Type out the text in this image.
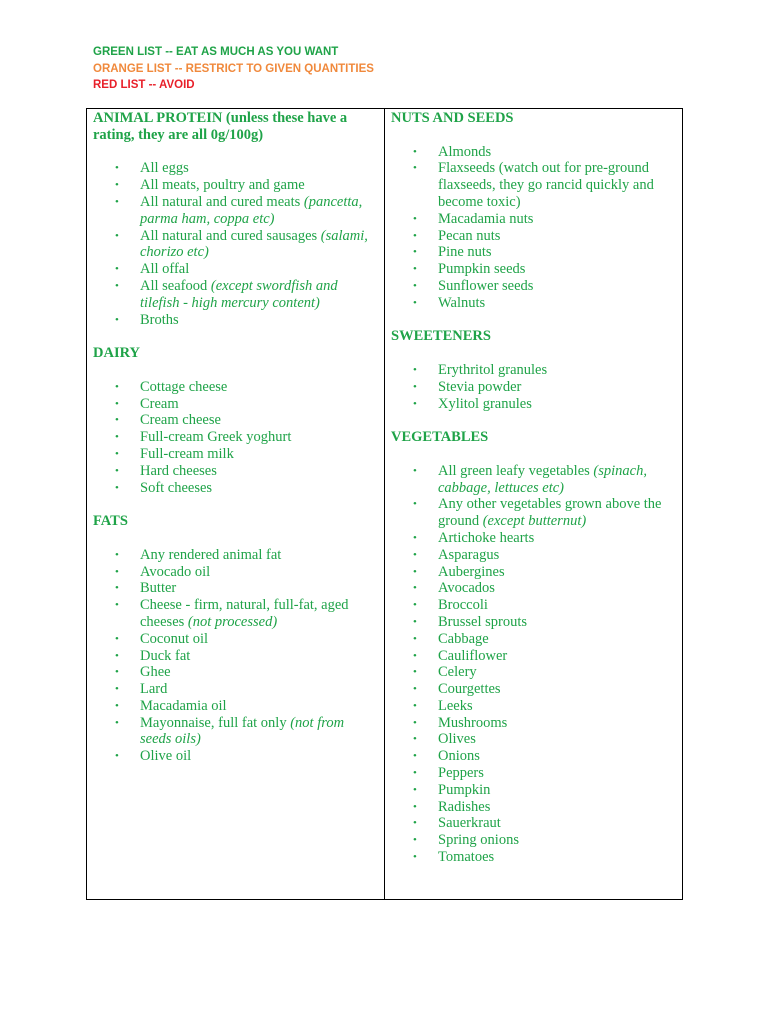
GREEN LIST -- EAT AS MUCH AS YOU WANT
ORANGE LIST -- RESTRICT TO GIVEN QUANTITIES
RED LIST -- AVOID
ANIMAL PROTEIN (unless these have a rating, they are all 0g/100g)
• All eggs
• All meats, poultry and game
• All natural and cured meats (pancetta, parma ham, coppa etc)
• All natural and cured sausages (salami, chorizo etc)
• All offal
• All seafood (except swordfish and tilefish - high mercury content)
• Broths
DAIRY
• Cottage cheese
• Cream
• Cream cheese
• Full-cream Greek yoghurt
• Full-cream milk
• Hard cheeses
• Soft cheeses
FATS
• Any rendered animal fat
• Avocado oil
• Butter
• Cheese - firm, natural, full-fat, aged cheeses (not processed)
• Coconut oil
• Duck fat
• Ghee
• Lard
• Macadamia oil
• Mayonnaise, full fat only (not from seeds oils)
• Olive oil

NUTS AND SEEDS
• Almonds
• Flaxseeds (watch out for pre-ground flaxseeds, they go rancid quickly and become toxic)
• Macadamia nuts
• Pecan nuts
• Pine nuts
• Pumpkin seeds
• Sunflower seeds
• Walnuts
SWEETENERS
• Erythritol granules
• Stevia powder
• Xylitol granules
VEGETABLES
• All green leafy vegetables (spinach, cabbage, lettuces etc)
• Any other vegetables grown above the ground (except butternut)
• Artichoke hearts
• Asparagus
• Aubergines
• Avocados
• Broccoli
• Brussel sprouts
• Cabbage
• Cauliflower
• Celery
• Courgettes
• Leeks
• Mushrooms
• Olives
• Onions
• Peppers
• Pumpkin
• Radishes
• Sauerkraut
• Spring onions
• Tomatoes
